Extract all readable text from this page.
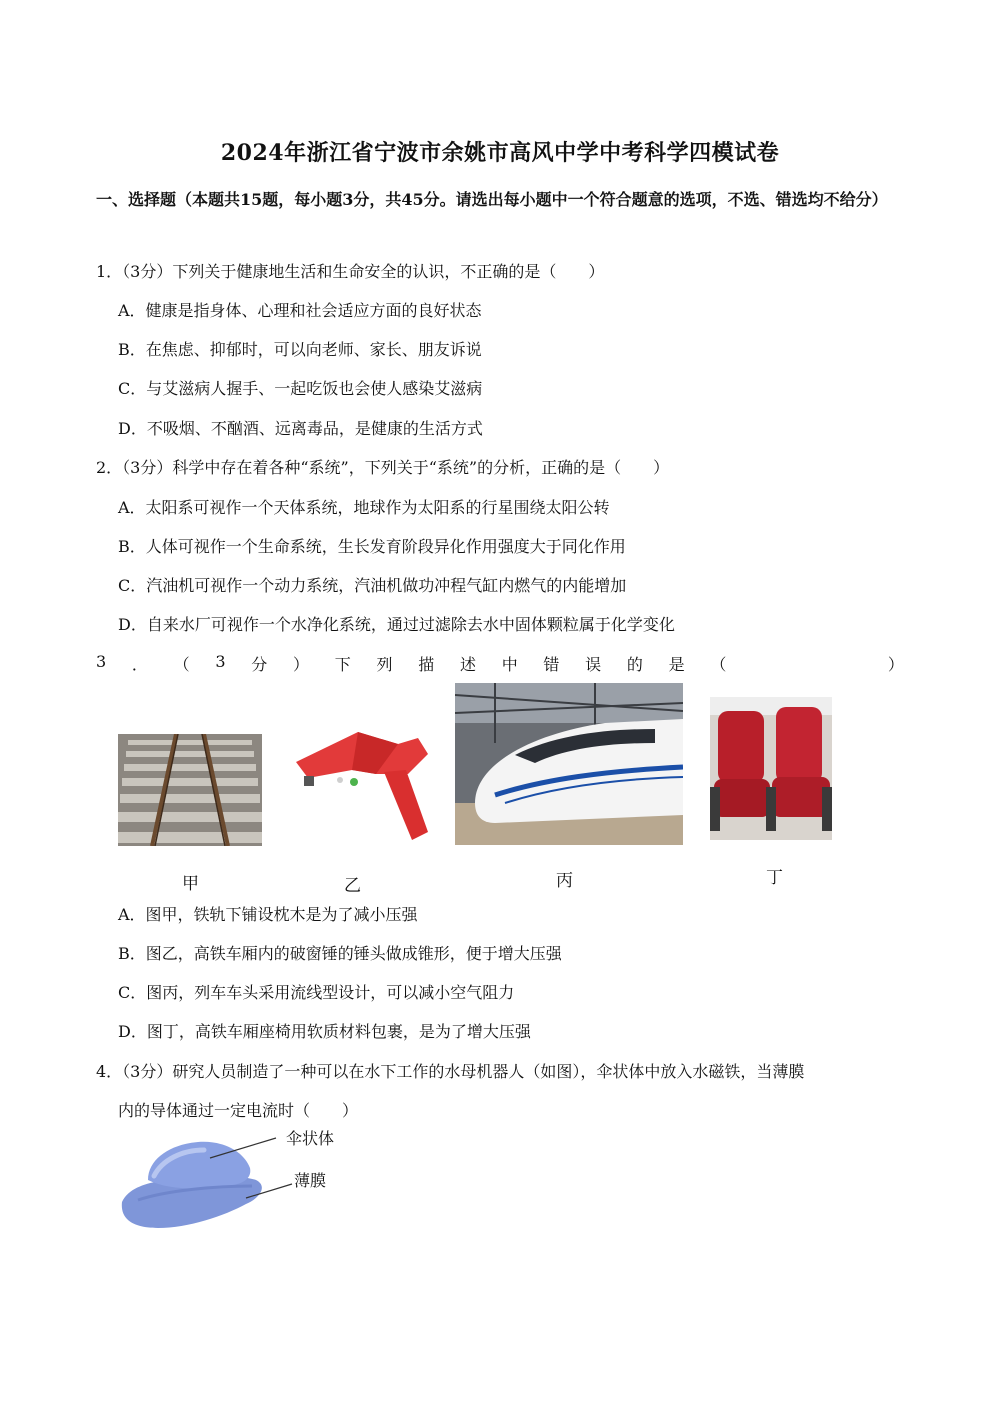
2024年浙江省宁波市余姚市高风中学中考科学四模试卷
一、选择题（本题共15题，每小题3分，共45分。请选出每小题中一个符合题意的选项，不选、错选均不给分）
1．（3分）下列关于健康地生活和生命安全的认识，不正确的是（　　）
A．健康是指身体、心理和社会适应方面的良好状态
B．在焦虑、抑郁时，可以向老师、家长、朋友诉说
C．与艾滋病人握手、一起吃饭也会使人感染艾滋病
D．不吸烟、不酗酒、远离毒品，是健康的生活方式
2．（3分）科学中存在着各种“系统”，下列关于“系统”的分析，正确的是（　　）
A．太阳系可视作一个天体系统，地球作为太阳系的行星围绕太阳公转
B．人体可视作一个生命系统，生长发育阶段异化作用强度大于同化作用
C．汽油机可视作一个动力系统，汽油机做功冲程气缸内燃气的内能增加
D．自来水厂可视作一个水净化系统，通过过滤除去水中固体颗粒属于化学变化
3 ． （ 3 分 ） 下 列 描 述 中 错 误 的 是 （	）
甲	乙	丙	丁
A．图甲，铁轨下铺设枕木是为了减小压强
B．图乙，高铁车厢内的破窗锤的锤头做成锥形，便于增大压强
C．图丙，列车车头采用流线型设计，可以减小空气阻力
D．图丁，高铁车厢座椅用软质材料包裹，是为了增大压强
4．（3分）研究人员制造了一种可以在水下工作的水母机器人（如图），伞状体中放入水磁铁，当薄膜
内的导体通过一定电流时（　　）
伞状体
薄膜
